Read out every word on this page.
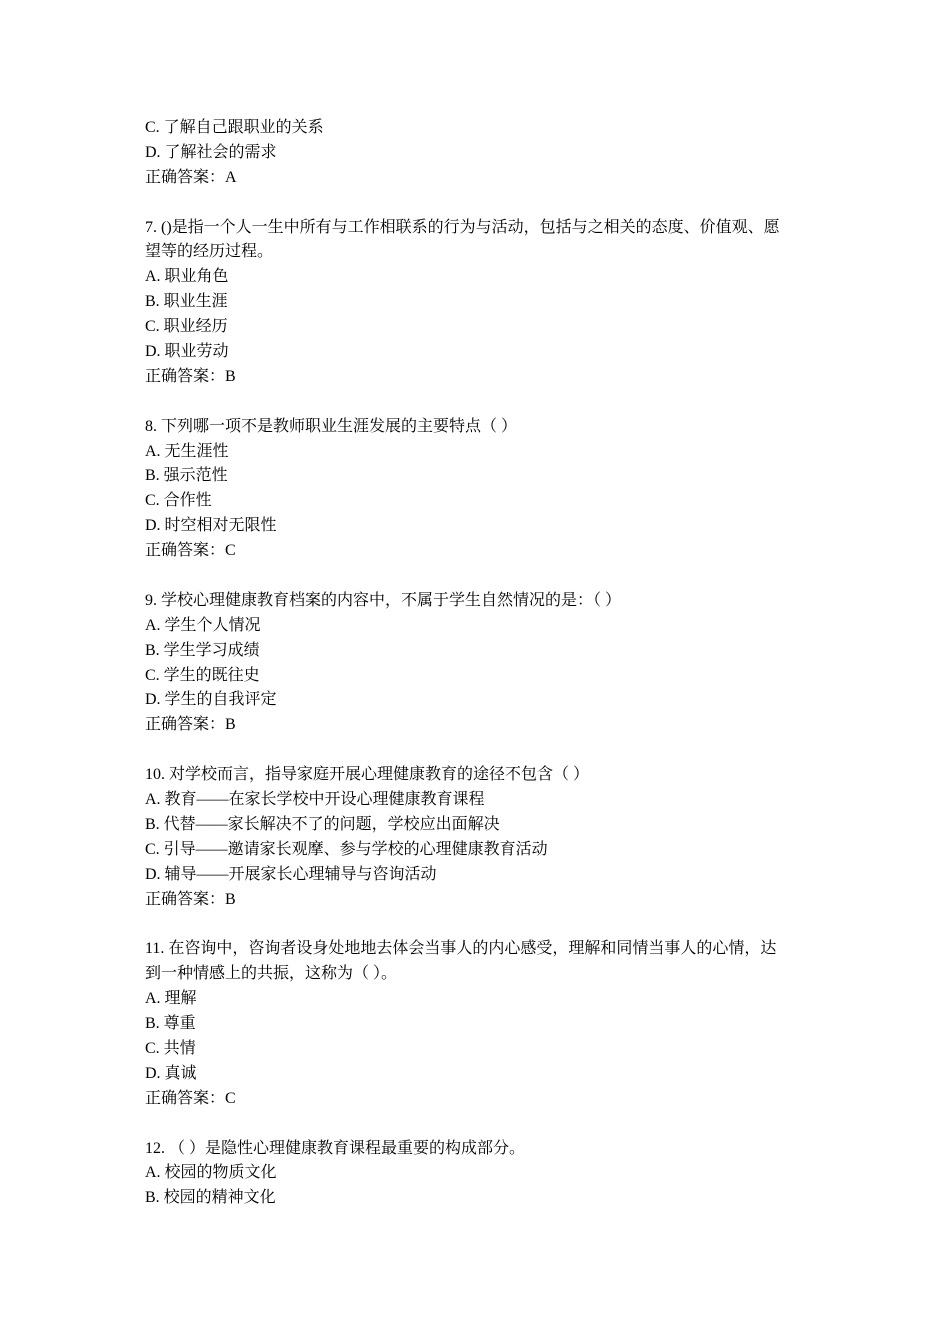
C. 了解自己跟职业的关系
D. 了解社会的需求
正确答案：A
7. ()是指一个人一生中所有与工作相联系的行为与活动，包括与之相关的态度、价值观、愿
望等的经历过程。
A. 职业角色
B. 职业生涯
C. 职业经历
D. 职业劳动
正确答案：B
8. 下列哪一项不是教师职业生涯发展的主要特点（ ）
A. 无生涯性
B. 强示范性
C. 合作性
D. 时空相对无限性
正确答案：C
9. 学校心理健康教育档案的内容中，不属于学生自然情况的是：（ ）
A. 学生个人情况
B. 学生学习成绩
C. 学生的既往史
D. 学生的自我评定
正确答案：B
10. 对学校而言，指导家庭开展心理健康教育的途径不包含（ ）
A. 教育——在家长学校中开设心理健康教育课程
B. 代替——家长解决不了的问题，学校应出面解决
C. 引导——邀请家长观摩、参与学校的心理健康教育活动
D. 辅导——开展家长心理辅导与咨询活动
正确答案：B
11. 在咨询中，咨询者设身处地地去体会当事人的内心感受，理解和同情当事人的心情，达
到一种情感上的共振，这称为（ ）。
A. 理解
B. 尊重
C. 共情
D. 真诚
正确答案：C
12. （ ）是隐性心理健康教育课程最重要的构成部分。
A. 校园的物质文化
B. 校园的精神文化
